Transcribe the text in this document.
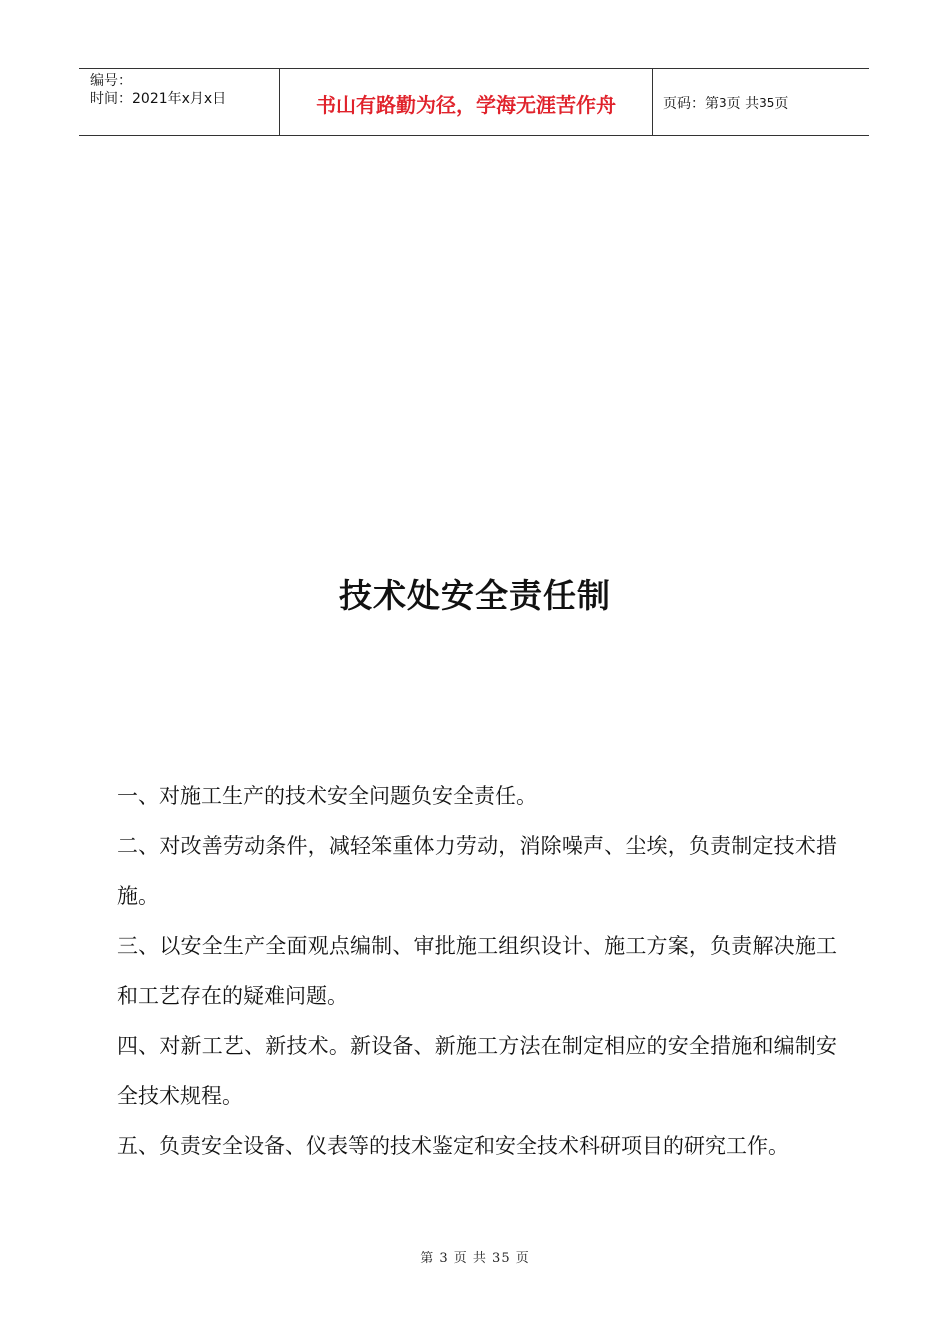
编号：
时间：2021年x月x日	书山有路勤为径，学海无涯苦作舟	页码：第 3 页 共 35 页
技术处安全责任制

一、对施工生产的技术安全问题负安全责任。

二、对改善劳动条件，减轻笨重体力劳动，消除噪声、尘埃，负责制定技术措施。

三、以安全生产全面观点编制、审批施工组织设计、施工方案，负责解决施工和工艺存在的疑难问题。

四、对新工艺、新技术。新设备、新施工方法在制定相应的安全措施和编制安全技术规程。

五、负责安全设备、仪表等的技术鉴定和安全技术科研项目的研究工作。

第 3 页 共 35 页
